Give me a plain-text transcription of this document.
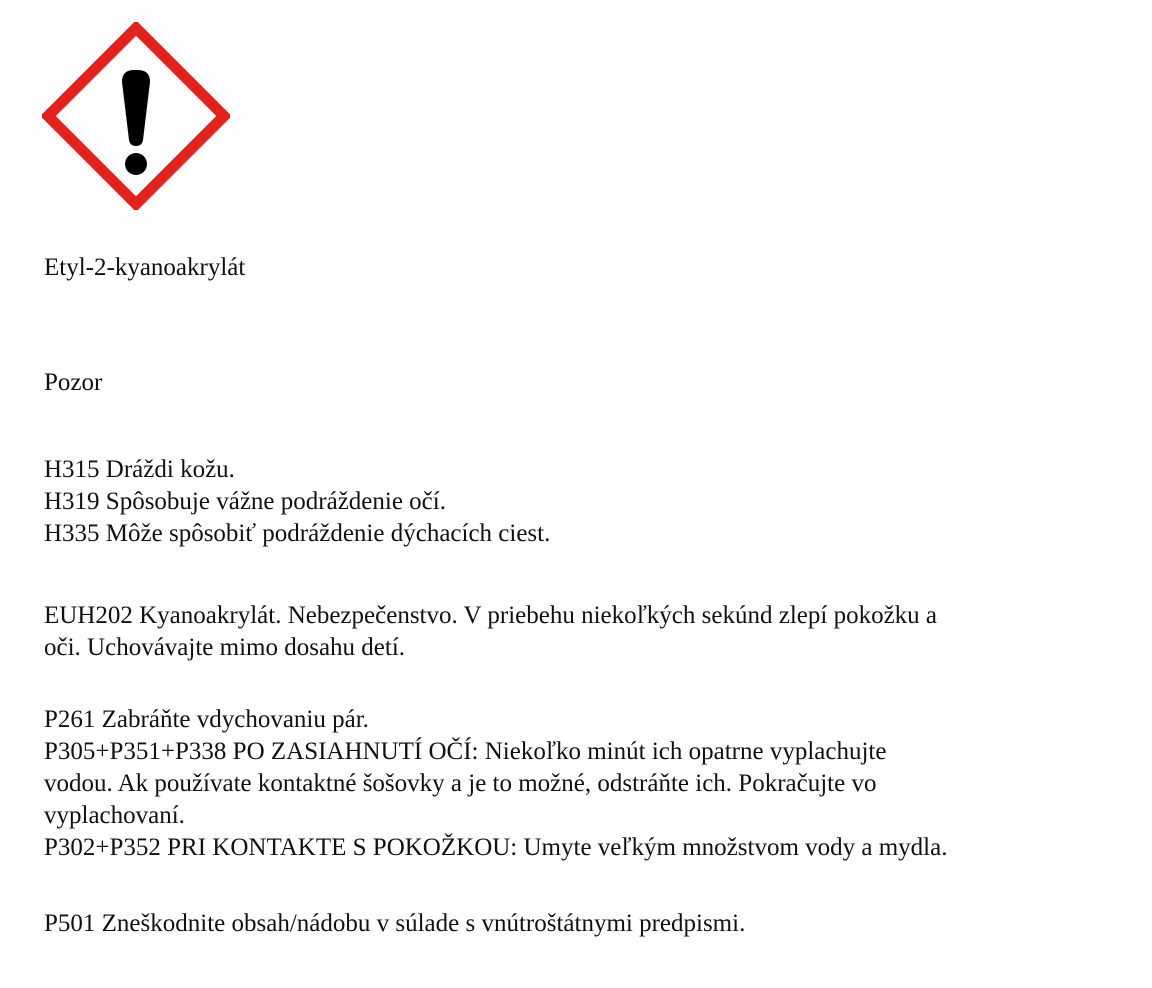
Etyl-2-kyanoakrylát

Pozor

H315 Dráždi kožu.
H319 Spôsobuje vážne podráždenie očí.
H335 Môže spôsobiť podráždenie dýchacích ciest.
EUH202 Kyanoakrylát. Nebezpečenstvo. V priebehu niekoľkých sekúnd zlepí pokožku a
oči. Uchovávajte mimo dosahu detí.
P261 Zabráňte vdychovaniu pár.
P305+P351+P338 PO ZASIAHNUTÍ OČÍ: Niekoľko minút ich opatrne vyplachujte
vodou. Ak používate kontaktné šošovky a je to možné, odstráňte ich. Pokračujte vo
vyplachovaní.
P302+P352 PRI KONTAKTE S POKOŽKOU: Umyte veľkým množstvom vody a mydla.

P501 Zneškodnite obsah/nádobu v súlade s vnútroštátnymi predpismi.
